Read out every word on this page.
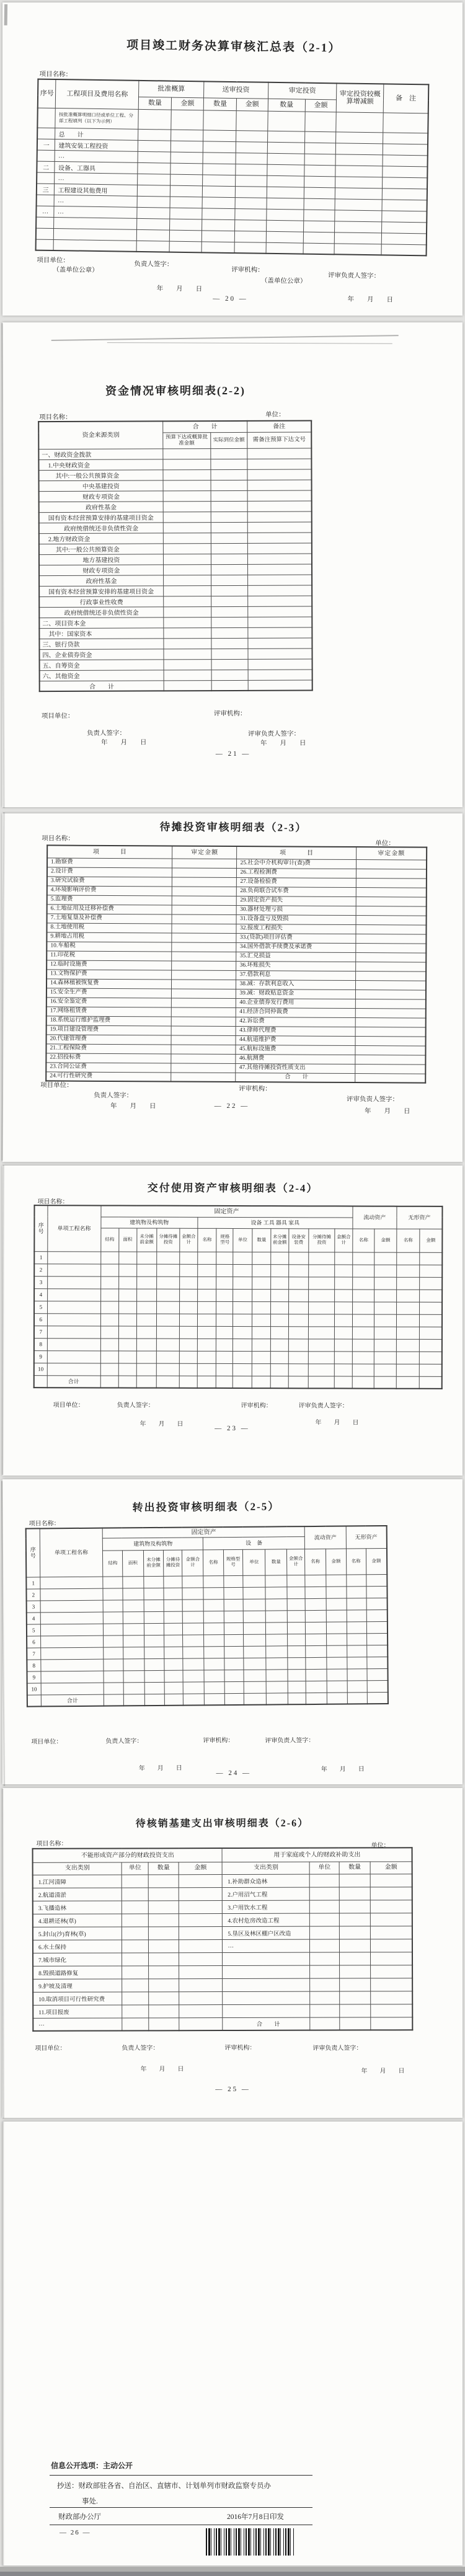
项目竣工财务决算审核汇总表（2-1）
项目名称：
序号	工程项目及费用名称	批准概算		送审投资		审定投资		审定投资较概算增减额	备　注
		数量	金额	数量	金额	数量	金额		
	按批准概算明细口径或单位工程、分部工程填列（以下为示例）								
	总　　计								
一	建筑安装工程投资								
	…								
二	设备、工器具								
	…								
三	工程建设其他费用								
	…								
…	…								

项目单位：
（盖单位公章）
负责人签字：
年　　月　　日
评审机构：
（盖单位公章）
评审负责人签字：
年　　月　　日
— 20 —
资金情况审核明细表(2-2)
项目名称：	单位：
资金来源类别	合　　计		备注
	预算下达或概算批准金额	实际到位金额	需备注预算下达文号
一、财政资金拨款			
1.中央财政资金			
其中:一般公共预算资金			
中央基建投资			
财政专项资金			
政府性基金			
国有资本经营预算安排的基建项目资金			
政府统借统还非负债性资金			
2.地方财政资金			
其中:一般公共预算资金			
地方基建投资			
财政专项资金			
政府性基金			
国有资本经营预算安排的基建项目资金			
行政事业性收费			
政府统借统还非负债性资金			
二、项目资本金			
其中：国家资本			
三、银行贷款			
四、企业债券资金			
五、自筹资金			
六、其他资金			
合　　计			
项目单位：	评审机构：
负责人签字：
年　　月　　日
评审负责人签字：
年　　月　　日
— 21 —
待摊投资审核明细表（2-3）
项目名称：
单位：
项　　　目	审定金额	项　　　目	审定金额
1.勘察费		25.社会中介机构审计(查)费	
2.设计费		26.工程检测费	
3.研究试验费		27.设备检验费	
4.环境影响评价费		28.负荷联合试车费	
5.监理费		29.固定资产损失	
6.土地征用及迁移补偿费		30.器材处理亏损	
7.土地复垦及补偿费		31.设备盘亏及毁损	
8.土地使用税		32.报废工程损失	
9.耕地占用税		33.(贷款)项目评估费	
10.车船税		34.国外借款手续费及承诺费	
11.印花税		35.汇兑损益	
12.临时设施费		36.坏账损失	
13.文物保护费		37.借款利息	
14.森林植被恢复费		38.减：存款利息收入	
15.安全生产费		39.减：财政贴息资金	
16.安全鉴定费		40.企业债券发行费用	
17.网络租赁费		41.经济合同仲裁费	
18.系统运行维护监理费		42.诉讼费	
19.项目建设管理费		43.律师代理费	
20.代建管理费		44.航道维护费	
21.工程保险费		45.航标设施费	
22.招投标费		46.航测费	
23.合同公证费		47.其他待摊投资性质支出	
24.可行性研究费		合　　计	
项目单位：
评审机构：
负责人签字：
年　　月　　日
评审负责人签字：
年　　月　　日
— 22 —
交付使用资产审核明细表（2-4）
项目名称：
序号	单项工程名称	固定资产													流动资产		无形资产	
		建筑物及构筑物					设备 工具 器具 家具											
		结构	面积	未分摊前金额	分摊待摊投资	金额合计	名称	规格型号	单位	数量	未分摊前金额	设备安装费	分摊待摊投资	金额合计	名称	金额	名称	金额
1																		
2																		
3																		
4																		
5																		
6																		
7																		
8																		
9																		
10																		
	合计																	
项目单位：	负责人签字：	评审机构：	评审负责人签字：
年　　月　　日	年　　月　　日
— 23 —
转出投资审核明细表（2-5）
项目名称：
序号	单项工程名称	固定资产										流动资产		无形资产	
		建筑物及构筑物					设　备								
		结构	面积	未分摊前金额	分摊待摊投资	金额合计	名称	规格型号	单位	数量	金额合计	名称	金额	名称	金额
1															
2															
3															
4															
5															
6															
7															
8															
9															
10															
	合计														
项目单位：	负责人签字：	评审机构：	评审负责人签字：
年　　月　　日	年　　月　　日
— 24 —
待核销基建支出审核明细表（2-6）
项目名称：	单位：
不能形成资产部分的财政投资支出				用于家庭或个人的财政补助支出			
支出类别	单位	数量	金额	支出类别	单位	数量	金额
1.江河清障				1.补助群众造林			
2.航道清淤				2.户用沼气工程			
3.飞播造林				3.户用饮水工程			
4.退耕还林(草)				4.农村危房改造工程			
5.封山(沙)育林(草)				5.垦区及林区棚户区改造			
6.水土保持				…			
7.城市绿化							
8.毁损道路修复							
9.护坡及清理							
10.取消项目可行性研究费							
11.项目报废							
…				合　　计			
项目单位：	负责人签字：	评审机构：	评审负责人签字：
年　　月　　日	年　　月　　日
— 25 —
信息公开选项：主动公开
抄送：财政部驻各省、自治区、直辖市、计划单列市财政监察专员办
事处.
财政部办公厅	2016年7月8日印发
— 26 —
